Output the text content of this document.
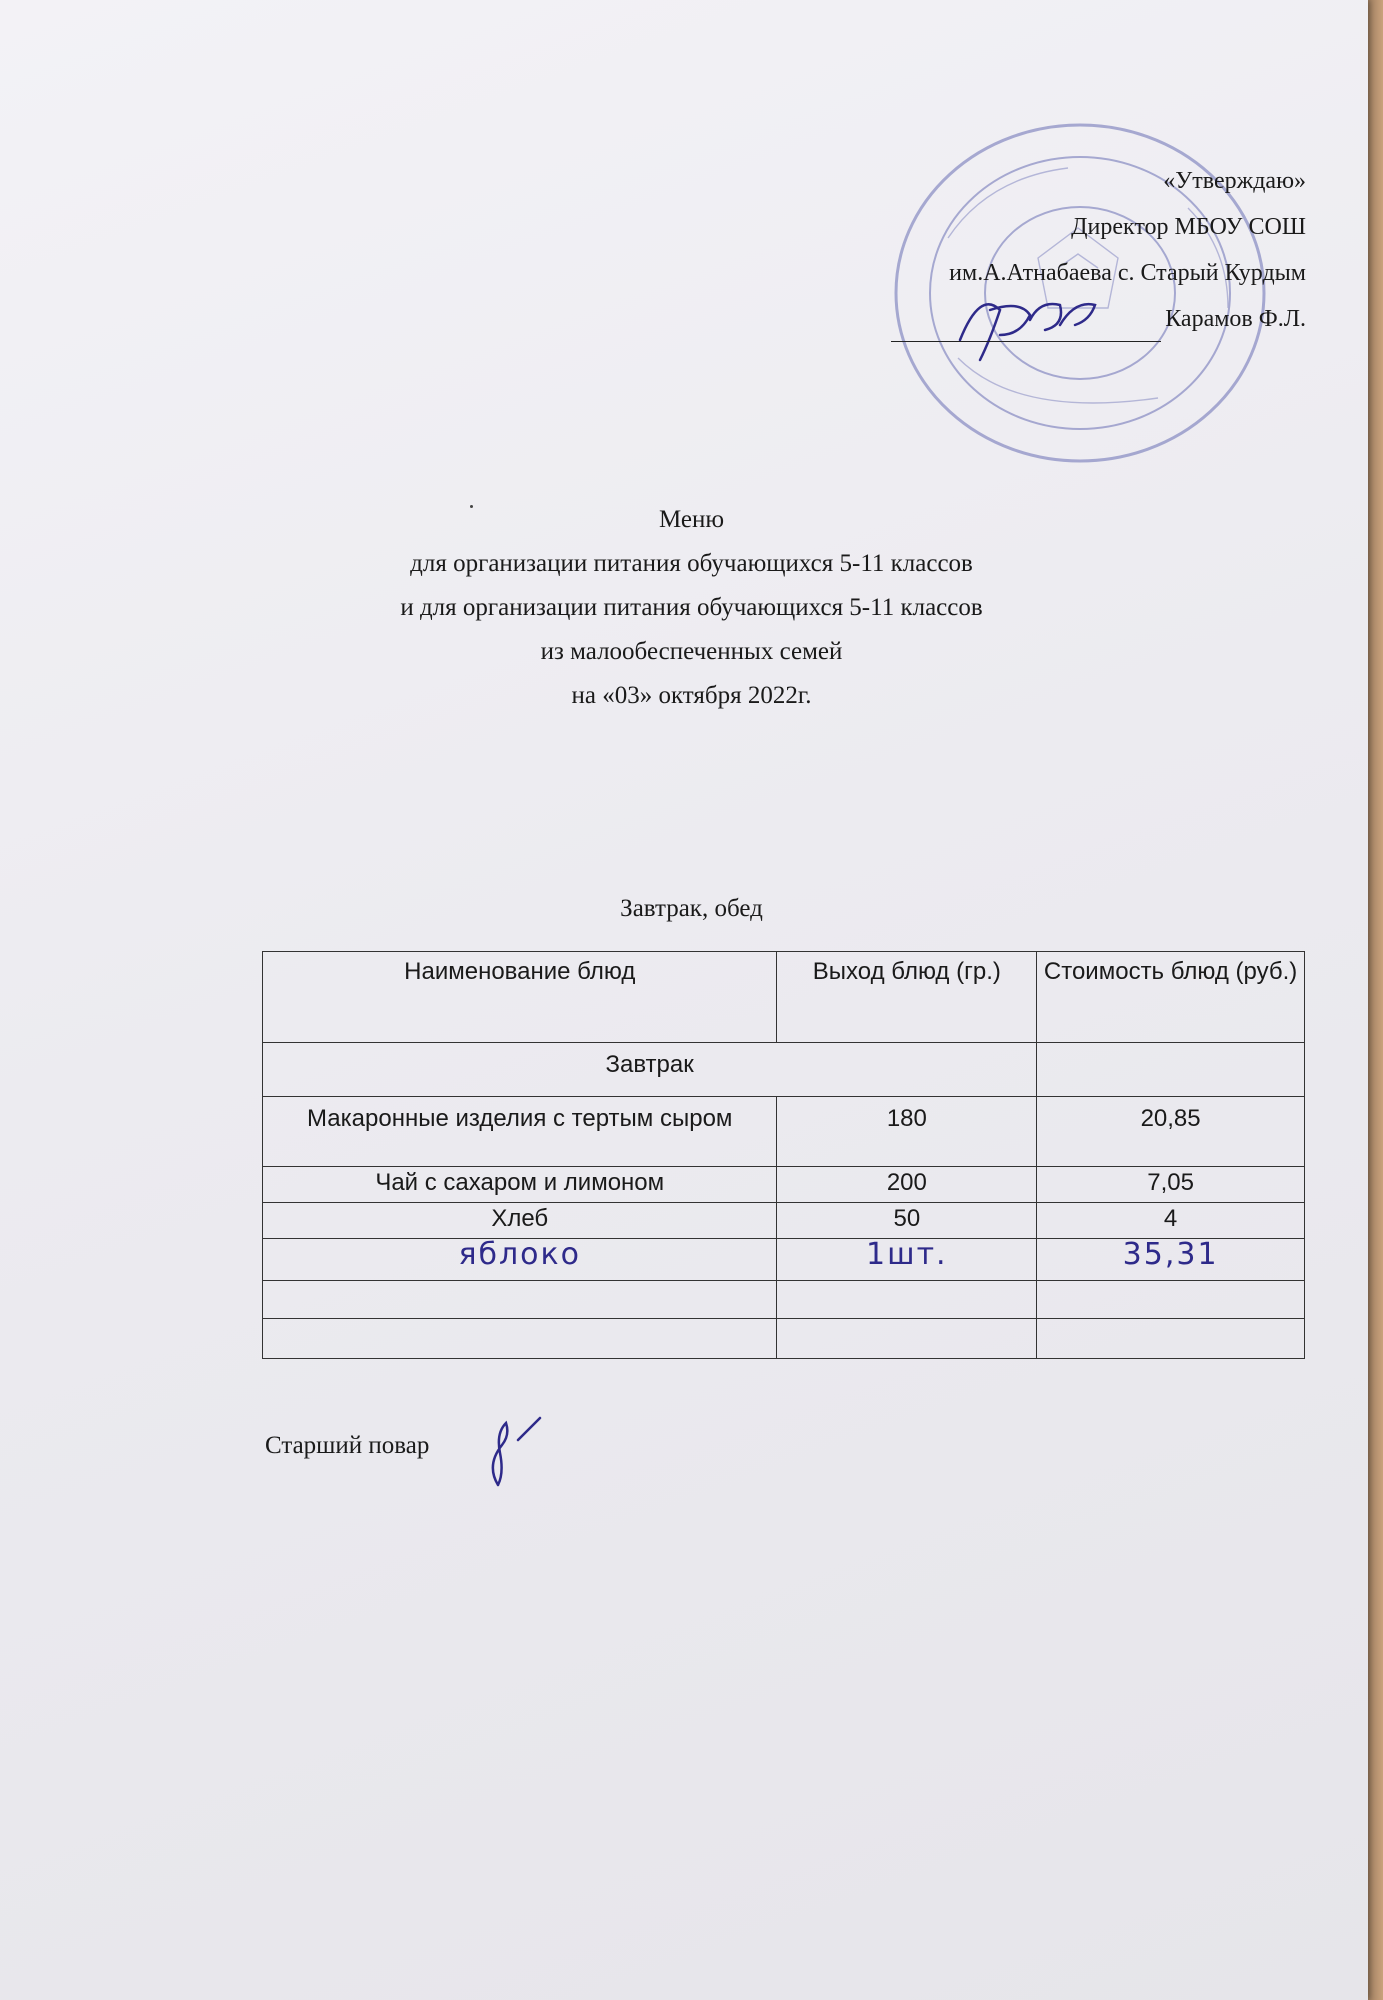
«Утверждаю»
Директор МБОУ СОШ
им.А.Атнабаева с. Старый Курдым
Карамов Ф.Л.
Меню
для организации питания обучающихся 5-11 классов
и для организации питания обучающихся 5-11 классов
из малообеспеченных семей
на «03» октября 2022г.
Завтрак, обед
Наименование блюд	Выход блюд (гр.)	Стоимость блюд (руб.)
Завтрак		
Макаронные изделия с тертым сыром	180	20,85
Чай с сахаром и лимоном	200	7,05
Хлеб	50	4
яблоко	1шт.	35,31

Старший повар
